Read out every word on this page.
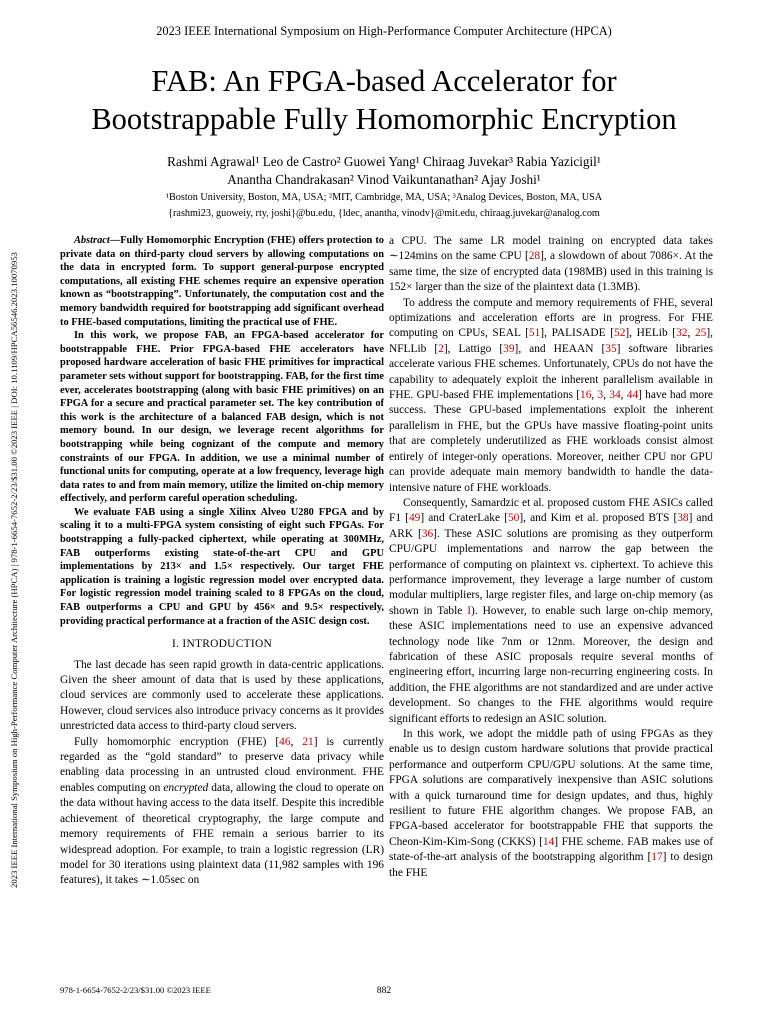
2023 IEEE International Symposium on High-Performance Computer Architecture (HPCA)
2023 IEEE International Symposium on High-Performance Computer Architecture (HPCA) | 978-1-6654-7652-2/23/$31.00 ©2023 IEEE | DOI: 10.1109/HPCA56546.2023.10070953
FAB: An FPGA-based Accelerator for
Bootstrappable Fully Homomorphic Encryption
Rashmi Agrawal¹ Leo de Castro² Guowei Yang¹ Chiraag Juvekar³ Rabia Yazicigil¹
Anantha Chandrakasan² Vinod Vaikuntanathan² Ajay Joshi¹
¹Boston University, Boston, MA, USA; ²MIT, Cambridge, MA, USA; ³Analog Devices, Boston, MA, USA
{rashmi23, guoweiy, rty, joshi}@bu.edu, {ldec, anantha, vinodv}@mit.edu, chiraag.juvekar@analog.com

Abstract—Fully Homomorphic Encryption (FHE) offers protection to private data on third-party cloud servers by allowing computations on the data in encrypted form. To support general-purpose encrypted computations, all existing FHE schemes require an expensive operation known as “bootstrapping”. Unfortunately, the computation cost and the memory bandwidth required for bootstrapping add significant overhead to FHE-based computations, limiting the practical use of FHE.

In this work, we propose FAB, an FPGA-based accelerator for bootstrappable FHE. Prior FPGA-based FHE accelerators have proposed hardware acceleration of basic FHE primitives for impractical parameter sets without support for bootstrapping. FAB, for the first time ever, accelerates bootstrapping (along with basic FHE primitives) on an FPGA for a secure and practical parameter set. The key contribution of this work is the architecture of a balanced FAB design, which is not memory bound. In our design, we leverage recent algorithms for bootstrapping while being cognizant of the compute and memory constraints of our FPGA. In addition, we use a minimal number of functional units for computing, operate at a low frequency, leverage high data rates to and from main memory, utilize the limited on-chip memory effectively, and perform careful operation scheduling.

We evaluate FAB using a single Xilinx Alveo U280 FPGA and by scaling it to a multi-FPGA system consisting of eight such FPGAs. For bootstrapping a fully-packed ciphertext, while operating at 300MHz, FAB outperforms existing state-of-the-art CPU and GPU implementations by 213× and 1.5× respectively. Our target FHE application is training a logistic regression model over encrypted data. For logistic regression model training scaled to 8 FPGAs on the cloud, FAB outperforms a CPU and GPU by 456× and 9.5× respectively, providing practical performance at a fraction of the ASIC design cost.

I. INTRODUCTION

The last decade has seen rapid growth in data-centric applications. Given the sheer amount of data that is used by these applications, cloud services are commonly used to accelerate these applications. However, cloud services also introduce privacy concerns as it provides unrestricted data access to third-party cloud servers.

Fully homomorphic encryption (FHE) [46, 21] is currently regarded as the “gold standard” to preserve data privacy while enabling data processing in an untrusted cloud environment. FHE enables computing on encrypted data, allowing the cloud to operate on the data without having access to the data itself. Despite this incredible achievement of theoretical cryptography, the large compute and memory requirements of FHE remain a serious barrier to its widespread adoption. For example, to train a logistic regression (LR) model for 30 iterations using plaintext data (11,982 samples with 196 features), it takes ∼1.05sec on

a CPU. The same LR model training on encrypted data takes ∼124mins on the same CPU [28], a slowdown of about 7086×. At the same time, the size of encrypted data (198MB) used in this training is 152× larger than the size of the plaintext data (1.3MB).

To address the compute and memory requirements of FHE, several optimizations and acceleration efforts are in progress. For FHE computing on CPUs, SEAL [51], PALISADE [52], HELib [32, 25], NFLLib [2], Lattigo [39], and HEAAN [35] software libraries accelerate various FHE schemes. Unfortunately, CPUs do not have the capability to adequately exploit the inherent parallelism available in FHE. GPU-based FHE implementations [16, 3, 34, 44] have had more success. These GPU-based implementations exploit the inherent parallelism in FHE, but the GPUs have massive floating-point units that are completely underutilized as FHE workloads consist almost entirely of integer-only operations. Moreover, neither CPU nor GPU can provide adequate main memory bandwidth to handle the data-intensive nature of FHE workloads.

Consequently, Samardzic et al. proposed custom FHE ASICs called F1 [49] and CraterLake [50], and Kim et al. proposed BTS [38] and ARK [36]. These ASIC solutions are promising as they outperform CPU/GPU implementations and narrow the gap between the performance of computing on plaintext vs. ciphertext. To achieve this performance improvement, they leverage a large number of custom modular multipliers, large register files, and large on-chip memory (as shown in Table I). However, to enable such large on-chip memory, these ASIC implementations need to use an expensive advanced technology node like 7nm or 12nm. Moreover, the design and fabrication of these ASIC proposals require several months of engineering effort, incurring large non-recurring engineering costs. In addition, the FHE algorithms are not standardized and are under active development. So changes to the FHE algorithms would require significant efforts to redesign an ASIC solution.

In this work, we adopt the middle path of using FPGAs as they enable us to design custom hardware solutions that provide practical performance and outperform CPU/GPU solutions. At the same time, FPGA solutions are comparatively inexpensive than ASIC solutions with a quick turnaround time for design updates, and thus, highly resilient to future FHE algorithm changes. We propose FAB, an FPGA-based accelerator for bootstrappable FHE that supports the Cheon-Kim-Kim-Song (CKKS) [14] FHE scheme. FAB makes use of state-of-the-art analysis of the bootstrapping algorithm [17] to design the FHE

978-1-6654-7652-2/23/$31.00 ©2023 IEEE	882
